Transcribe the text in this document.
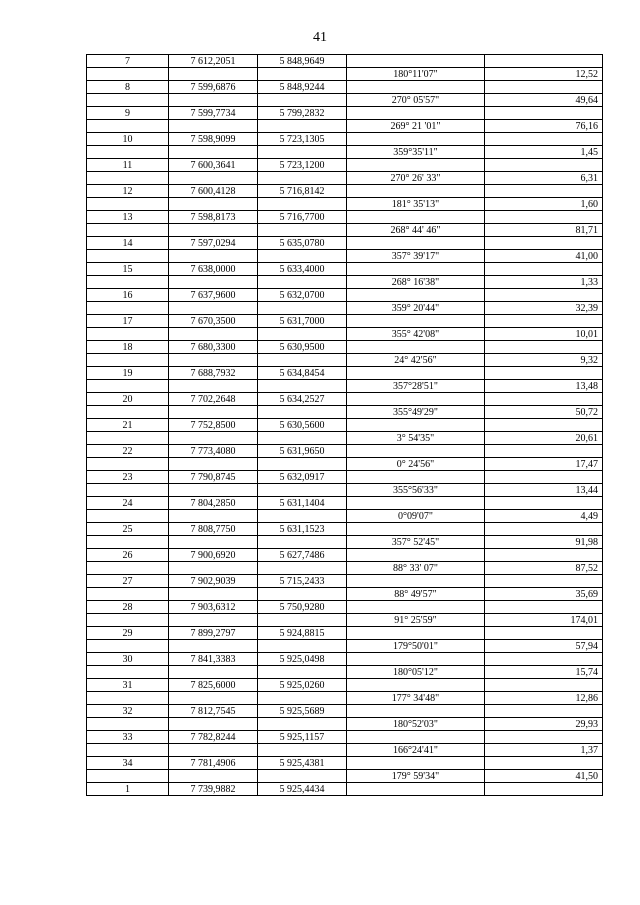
41
7	7 612,2051	5 848,9649		
			180°11'07"	12,52
8	7 599,6876	5 848,9244		
			270° 05'57"	49,64
9	7 599,7734	5 799,2832		
			269° 21 '01"	76,16
10	7 598,9099	5 723,1305		
			359°35'11"	1,45
11	7 600,3641	5 723,1200		
			270° 26' 33"	6,31
12	7 600,4128	5 716,8142		
			181° 35'13"	1,60
13	7 598,8173	5 716,7700		
			268° 44' 46"	81,71
14	7 597,0294	5 635,0780		
			357° 39'17"	41,00
15	7 638,0000	5 633,4000		
			268° 16'38"	1,33
16	7 637,9600	5 632,0700		
			359° 20'44"	32,39
17	7 670,3500	5 631,7000		
			355° 42'08"	10,01
18	7 680,3300	5 630,9500		
			24° 42'56"	9,32
19	7 688,7932	5 634,8454		
			357°28'51"	13,48
20	7 702,2648	5 634,2527		
			355°49'29"	50,72
21	7 752,8500	5 630,5600		
			3° 54'35"	20,61
22	7 773,4080	5 631,9650		
			0° 24'56"	17,47
23	7 790,8745	5 632,0917		
			355°56'33"	13,44
24	7 804,2850	5 631,1404		
			0°09'07"	4,49
25	7 808,7750	5 631,1523		
			357° 52'45"	91,98
26	7 900,6920	5 627,7486		
			88° 33' 07"	87,52
27	7 902,9039	5 715,2433		
			88° 49'57"	35,69
28	7 903,6312	5 750,9280		
			91° 25'59"	174,01
29	7 899,2797	5 924,8815		
			179°50'01"	57,94
30	7 841,3383	5 925,0498		
			180°05'12"	15,74
31	7 825,6000	5 925,0260		
			177° 34'48"	12,86
32	7 812,7545	5 925,5689		
			180°52'03"	29,93
33	7 782,8244	5 925,1157		
			166°24'41"	1,37
34	7 781,4906	5 925,4381		
			179° 59'34"	41,50
1	7 739,9882	5 925,4434		
